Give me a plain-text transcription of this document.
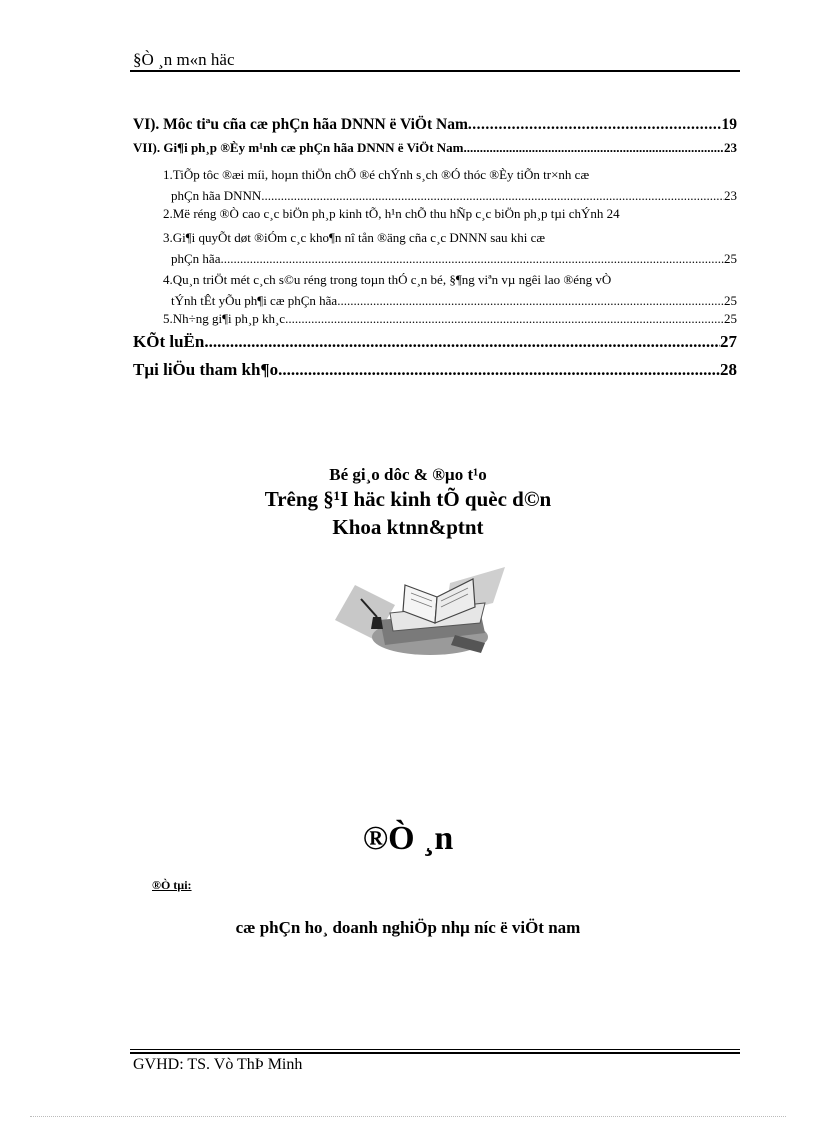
§Ò ¸n m«n häc
VI). Môc tiªu cña cæ phÇn hãa DNNN ë ViÖt Nam .....	19
VII). Gi¶i ph¸p ®Èy m¹nh cæ phÇn hãa DNNN ë ViÖt Nam .....	23
1.TiÕp tôc ®æi míi, hoµn thiÖn chÕ ®é chÝnh s¸ch ®Ó thóc ®Èy tiÕn tr×nh cæ
phÇn hãa DNNN .....	23
2.Më réng ®Ò cao c¸c biÖn ph¸p kinh tÕ, h¹n chÕ thu hÑp c¸c biÖn ph¸p tµi chÝnh 24
3.Gi¶i quyÕt døt ®iÓm c¸c kho¶n nî tån ®äng cña c¸c DNNN sau khi cæ
phÇn hãa .....	25
4.Qu¸n triÖt mét c¸ch s©u réng trong toµn thÓ c¸n bé, §¶ng viªn vµ ngêi lao ®éng vÒ
tÝnh tÊt yÕu ph¶i cæ phÇn hãa .....	25
5.Nh÷ng gi¶i ph¸p kh¸c .....	25
KÕt luËn .....	27
Tµi liÖu tham kh¶o .....	28
Bé gi¸o dôc & ®µo t¹o
Trêng §¹I häc kinh tÕ quèc d©n
Khoa ktnn&ptnt
®Ò ¸n
®Ò tµi:
cæ phÇn ho¸ doanh nghiÖp nhµ níc ë viÖt nam
GVHD: TS. Vò ThÞ Minh
